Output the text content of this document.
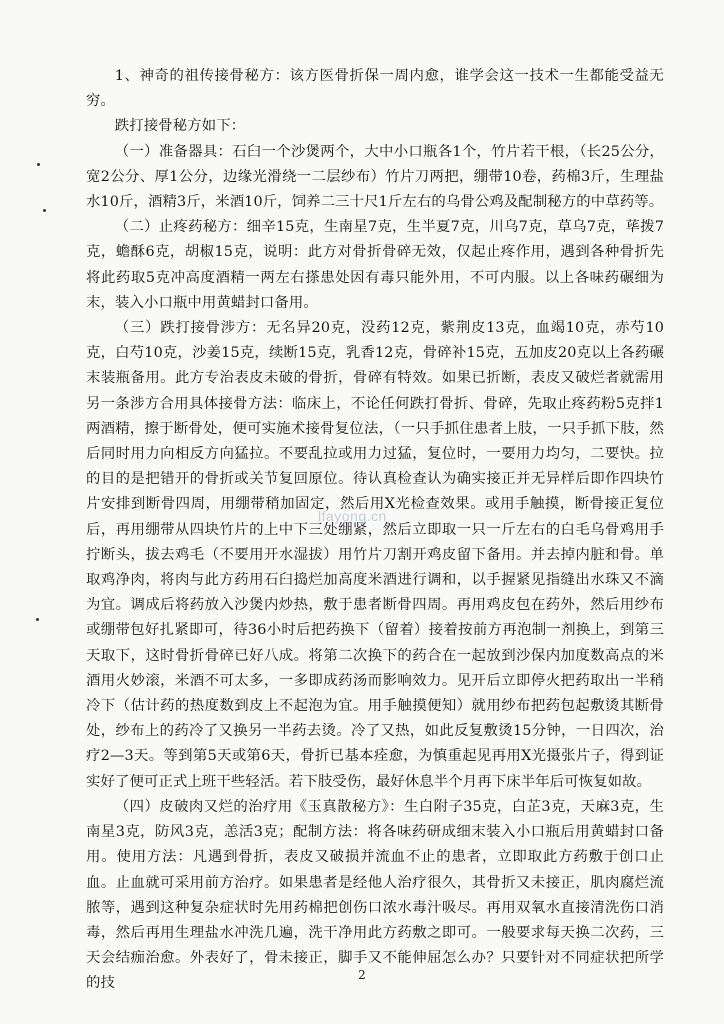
1、神奇的祖传接骨秘方：该方医骨折保一周内愈，谁学会这一技术一生都能受益无穷。

跌打接骨秘方如下：

（一）准备器具：石臼一个沙煲两个，大中小口瓶各1个，竹片若干根，（长25公分，宽2公分、厚1公分，边缘光滑绕一二层纱布）竹片刀两把，绷带10卷，药棉3斤，生理盐水10斤，酒精3斤，米酒10斤，饲养二三十尺1斤左右的乌骨公鸡及配制秘方的中草药等。

（二）止疼药秘方：细辛15克，生南星7克，生半夏7克，川乌7克，草乌7克，荜拨7克，蟾酥6克，胡椒15克，说明：此方对骨折骨碎无效，仅起止疼作用，遇到各种骨折先将此药取5克冲高度酒精一两左右搽患处因有毒只能外用，不可内服。以上各味药碾细为末，装入小口瓶中用黄蜡封口备用。

（三）跌打接骨涉方：无名异20克，没药12克，紫荆皮13克，血竭10克，赤芍10克，白芍10克，沙姜15克，续断15克，乳香12克，骨碎补15克，五加皮20克以上各药碾末装瓶备用。此方专治表皮未破的骨折，骨碎有特效。如果已折断，表皮又破烂者就需用另一条涉方合用具体接骨方法：临床上，不论任何跌打骨折、骨碎，先取止疼药粉5克拌1两酒精，擦于断骨处，便可实施术接骨复位法，（一只手抓住患者上肢，一只手抓下肢，然后同时用力向相反方向猛拉。不要乱拉或用力过猛，复位时，一要用力均匀，二要快。拉的目的是把错开的骨折或关节复回原位。待认真检查认为确实接正并无异样后即作四块竹片安排到断骨四周，用绷带稍加固定，然后用X光检查效果。或用手触摸，断骨接正复位后，再用绷带从四块竹片的上中下三处绷紧，然后立即取一只一斤左右的白毛乌骨鸡用手拧断头，拔去鸡毛（不要用开水湿拔）用竹片刀割开鸡皮留下备用。并去掉内脏和骨。单取鸡净肉，将肉与此方药用石臼捣烂加高度米酒进行调和，以手握紧见指缝出水珠又不滴为宜。调成后将药放入沙煲内炒热，敷于患者断骨四周。再用鸡皮包在药外，然后用纱布或绷带包好扎紧即可，待36小时后把药换下（留着）接着按前方再泡制一剂换上，到第三天取下，这时骨折骨碎已好八成。将第二次换下的药合在一起放到沙保内加度数高点的米酒用火妙滚，米酒不可太多，一多即成药汤而影响效力。见开后立即停火把药取出一半稍冷下（估计药的热度数到皮上不起泡为宜。用手触摸便知）就用纱布把药包起敷烫其断骨处，纱布上的药冷了又换另一半药去烫。冷了又热，如此反复敷烫15分钟，一日四次，治疗2—3天。等到第5天或第6天，骨折已基本痊愈，为慎重起见再用X光摄张片子，得到证实好了便可正式上班干些轻活。若下肢受伤，最好休息半个月再下床半年后可恢复如故。

（四）皮破肉又烂的治疗用《玉真散秘方》：生白附子35克，白芷3克，天麻3克，生南星3克，防风3克，恙活3克；配制方法：将各味药研成细末装入小口瓶后用黄蜡封口备用。使用方法：凡遇到骨折，表皮又破损并流血不止的患者，立即取此方药敷于创口止血。止血就可采用前方治疗。如果患者是经他人治疗很久，其骨折又未接正，肌肉腐烂流脓等，遇到这种复杂症状时先用药棉把创伤口浓水毒汁吸尽。再用双氧水直接清洗伤口消毒，然后再用生理盐水冲洗几遍，洗干净用此方药敷之即可。一般要求每天换二次药，三天会结痂治愈。外表好了，骨未接正，脚手又不能伸屈怎么办？只要针对不同症状把所学的技

lfayong.cn
2
